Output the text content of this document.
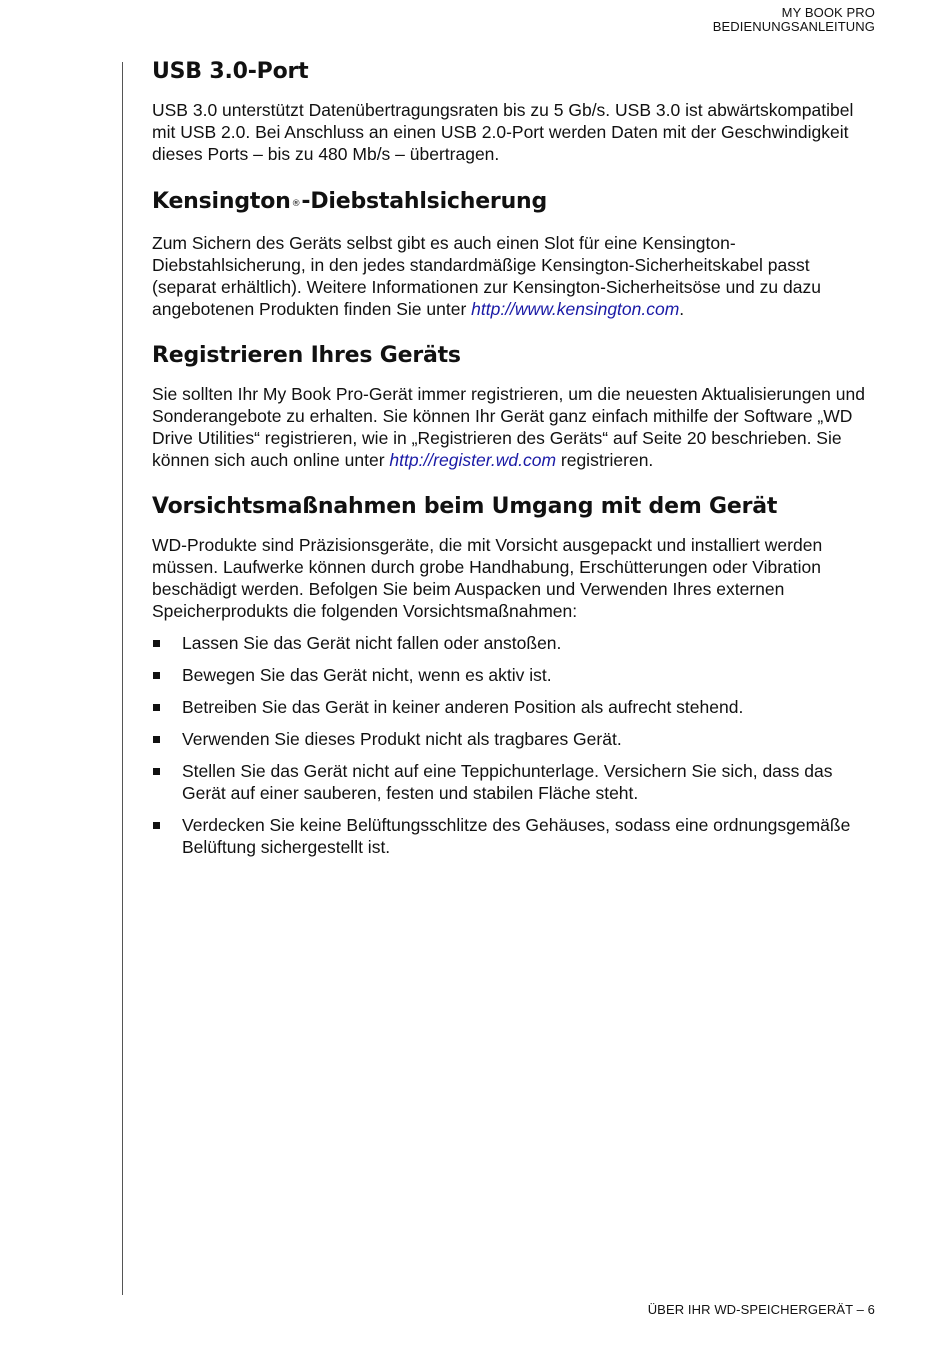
MY BOOK PRO
BEDIENUNGSANLEITUNG
USB 3.0-Port

USB 3.0 unterstützt Datenübertragungsraten bis zu 5 Gb/s. USB 3.0 ist abwärtskompatibel mit USB 2.0. Bei Anschluss an einen USB 2.0-Port werden Daten mit der Geschwindigkeit dieses Ports – bis zu 480 Mb/s – übertragen.

Kensington®-Diebstahlsicherung

Zum Sichern des Geräts selbst gibt es auch einen Slot für eine Kensington-Diebstahlsicherung, in den jedes standardmäßige Kensington-Sicherheitskabel passt (separat erhältlich). Weitere Informationen zur Kensington-Sicherheitsöse und zu dazu angebotenen Produkten finden Sie unter http://www.kensington.com.

Registrieren Ihres Geräts

Sie sollten Ihr My Book Pro-Gerät immer registrieren, um die neuesten Aktualisierungen und Sonderangebote zu erhalten. Sie können Ihr Gerät ganz einfach mithilfe der Software „WD Drive Utilities“ registrieren, wie in „Registrieren des Geräts“ auf Seite 20 beschrieben. Sie können sich auch online unter http://register.wd.com registrieren.

Vorsichtsmaßnahmen beim Umgang mit dem Gerät

WD-Produkte sind Präzisionsgeräte, die mit Vorsicht ausgepackt und installiert werden müssen. Laufwerke können durch grobe Handhabung, Erschütterungen oder Vibration beschädigt werden. Befolgen Sie beim Auspacken und Verwenden Ihres externen Speicherprodukts die folgenden Vorsichtsmaßnahmen:

Lassen Sie das Gerät nicht fallen oder anstoßen.
Bewegen Sie das Gerät nicht, wenn es aktiv ist.
Betreiben Sie das Gerät in keiner anderen Position als aufrecht stehend.
Verwenden Sie dieses Produkt nicht als tragbares Gerät.
Stellen Sie das Gerät nicht auf eine Teppichunterlage. Versichern Sie sich, dass das Gerät auf einer sauberen, festen und stabilen Fläche steht.
Verdecken Sie keine Belüftungsschlitze des Gehäuses, sodass eine ordnungsgemäße Belüftung sichergestellt ist.
ÜBER IHR WD-SPEICHERGERÄT – 6
